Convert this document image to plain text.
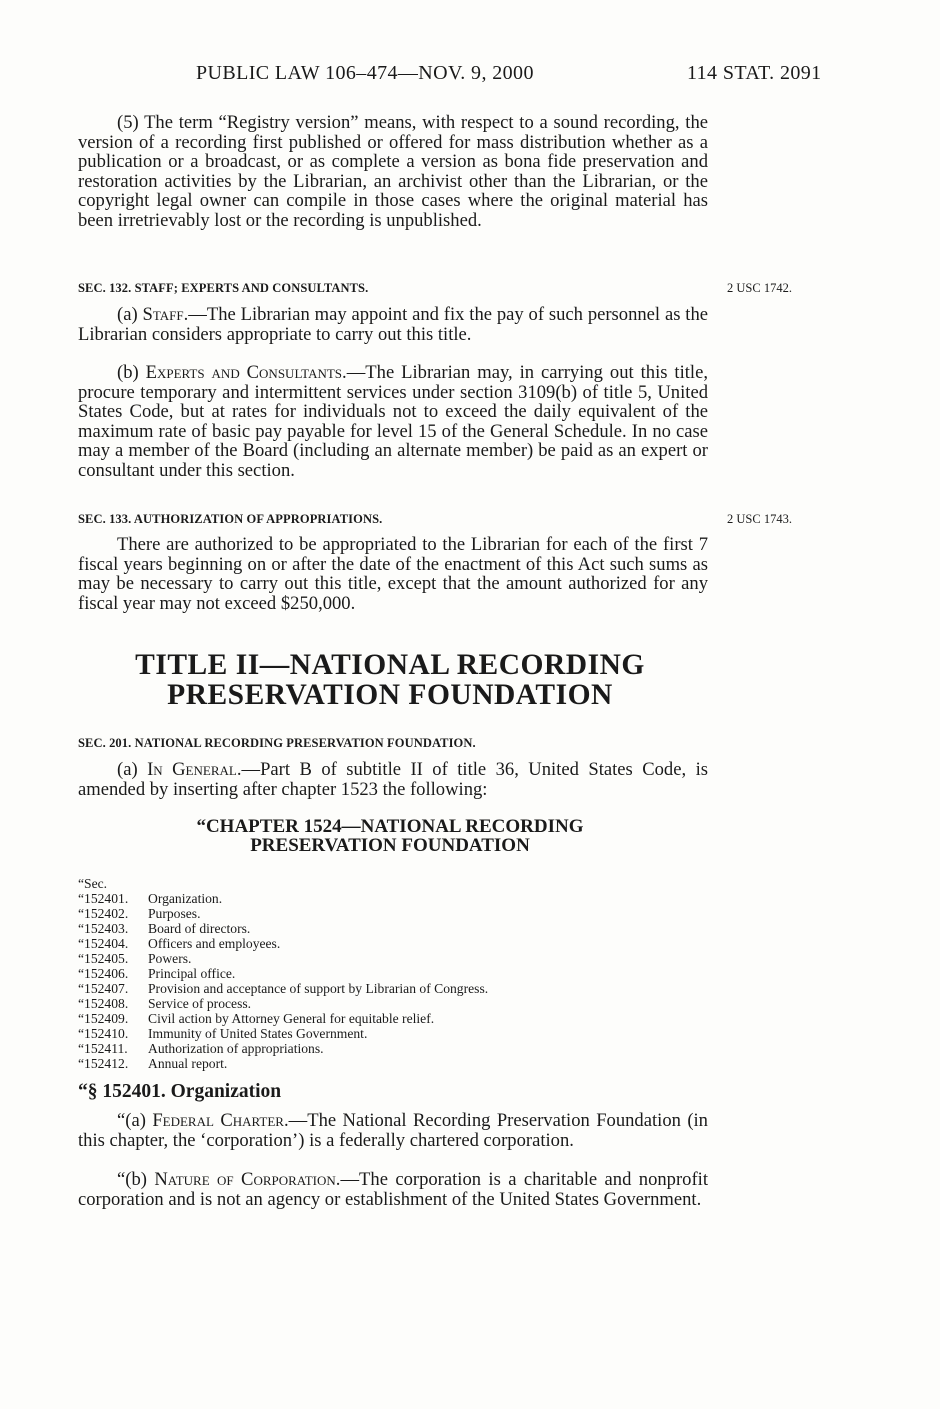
PUBLIC LAW 106–474—NOV. 9, 2000	114 STAT. 2091
(5) The term “Registry version” means, with respect to a sound recording, the version of a recording first published or offered for mass distribution whether as a publication or a broadcast, or as complete a version as bona fide preservation and restoration activities by the Librarian, an archivist other than the Librarian, or the copyright legal owner can compile in those cases where the original material has been irretrievably lost or the recording is unpublished.
SEC. 132. STAFF; EXPERTS AND CONSULTANTS.	2 USC 1742.
(a) Staff.—The Librarian may appoint and fix the pay of such personnel as the Librarian considers appropriate to carry out this title.
(b) Experts and Consultants.—The Librarian may, in carrying out this title, procure temporary and intermittent services under section 3109(b) of title 5, United States Code, but at rates for individuals not to exceed the daily equivalent of the maximum rate of basic pay payable for level 15 of the General Schedule. In no case may a member of the Board (including an alternate member) be paid as an expert or consultant under this section.
SEC. 133. AUTHORIZATION OF APPROPRIATIONS.	2 USC 1743.
There are authorized to be appropriated to the Librarian for each of the first 7 fiscal years beginning on or after the date of the enactment of this Act such sums as may be necessary to carry out this title, except that the amount authorized for any fiscal year may not exceed $250,000.
TITLE II—NATIONAL RECORDING
PRESERVATION FOUNDATION
SEC. 201. NATIONAL RECORDING PRESERVATION FOUNDATION.
(a) In General.—Part B of subtitle II of title 36, United States Code, is amended by inserting after chapter 1523 the following:
“CHAPTER 1524—NATIONAL RECORDING
PRESERVATION FOUNDATION
“Sec.
“152401. Organization.
“152402. Purposes.
“152403. Board of directors.
“152404. Officers and employees.
“152405. Powers.
“152406. Principal office.
“152407. Provision and acceptance of support by Librarian of Congress.
“152408. Service of process.
“152409. Civil action by Attorney General for equitable relief.
“152410. Immunity of United States Government.
“152411. Authorization of appropriations.
“152412. Annual report.
“§ 152401. Organization
“(a) Federal Charter.—The National Recording Preservation Foundation (in this chapter, the ‘corporation’) is a federally chartered corporation.
“(b) Nature of Corporation.—The corporation is a charitable and nonprofit corporation and is not an agency or establishment of the United States Government.
